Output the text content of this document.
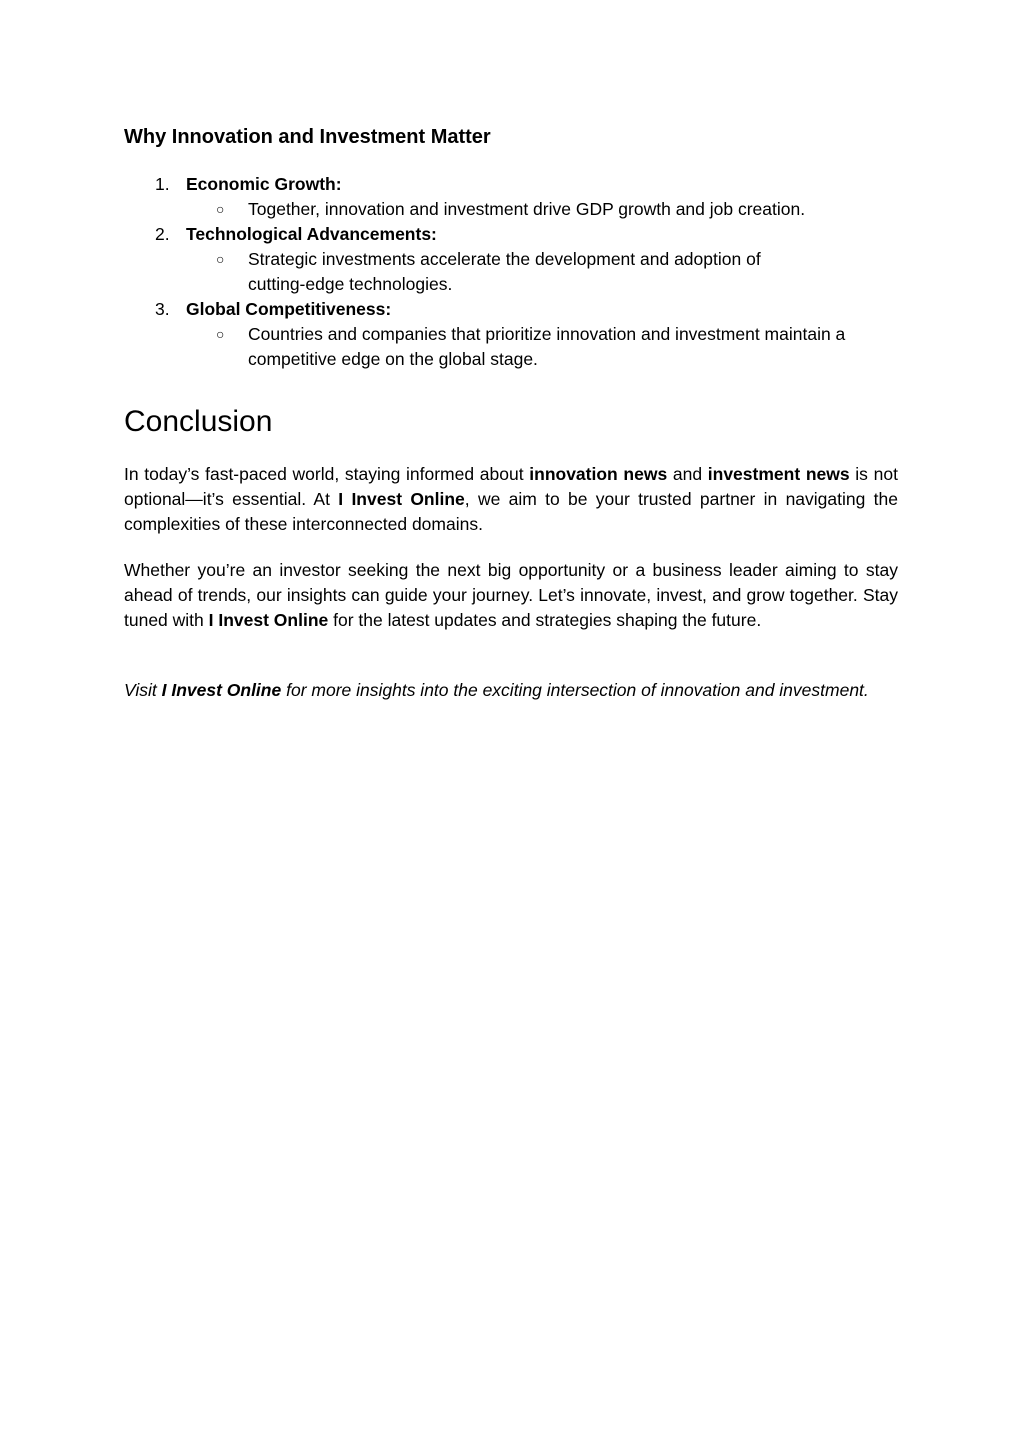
Why Innovation and Investment Matter
1. Economic Growth:
○ Together, innovation and investment drive GDP growth and job creation.
2. Technological Advancements:
○ Strategic investments accelerate the development and adoption of cutting-edge technologies.
3. Global Competitiveness:
○ Countries and companies that prioritize innovation and investment maintain a competitive edge on the global stage.
Conclusion

In today’s fast-paced world, staying informed about innovation news and investment news is not optional—it’s essential. At I Invest Online, we aim to be your trusted partner in navigating the complexities of these interconnected domains.

Whether you’re an investor seeking the next big opportunity or a business leader aiming to stay ahead of trends, our insights can guide your journey. Let’s innovate, invest, and grow together. Stay tuned with I Invest Online for the latest updates and strategies shaping the future.

Visit I Invest Online for more insights into the exciting intersection of innovation and investment.
